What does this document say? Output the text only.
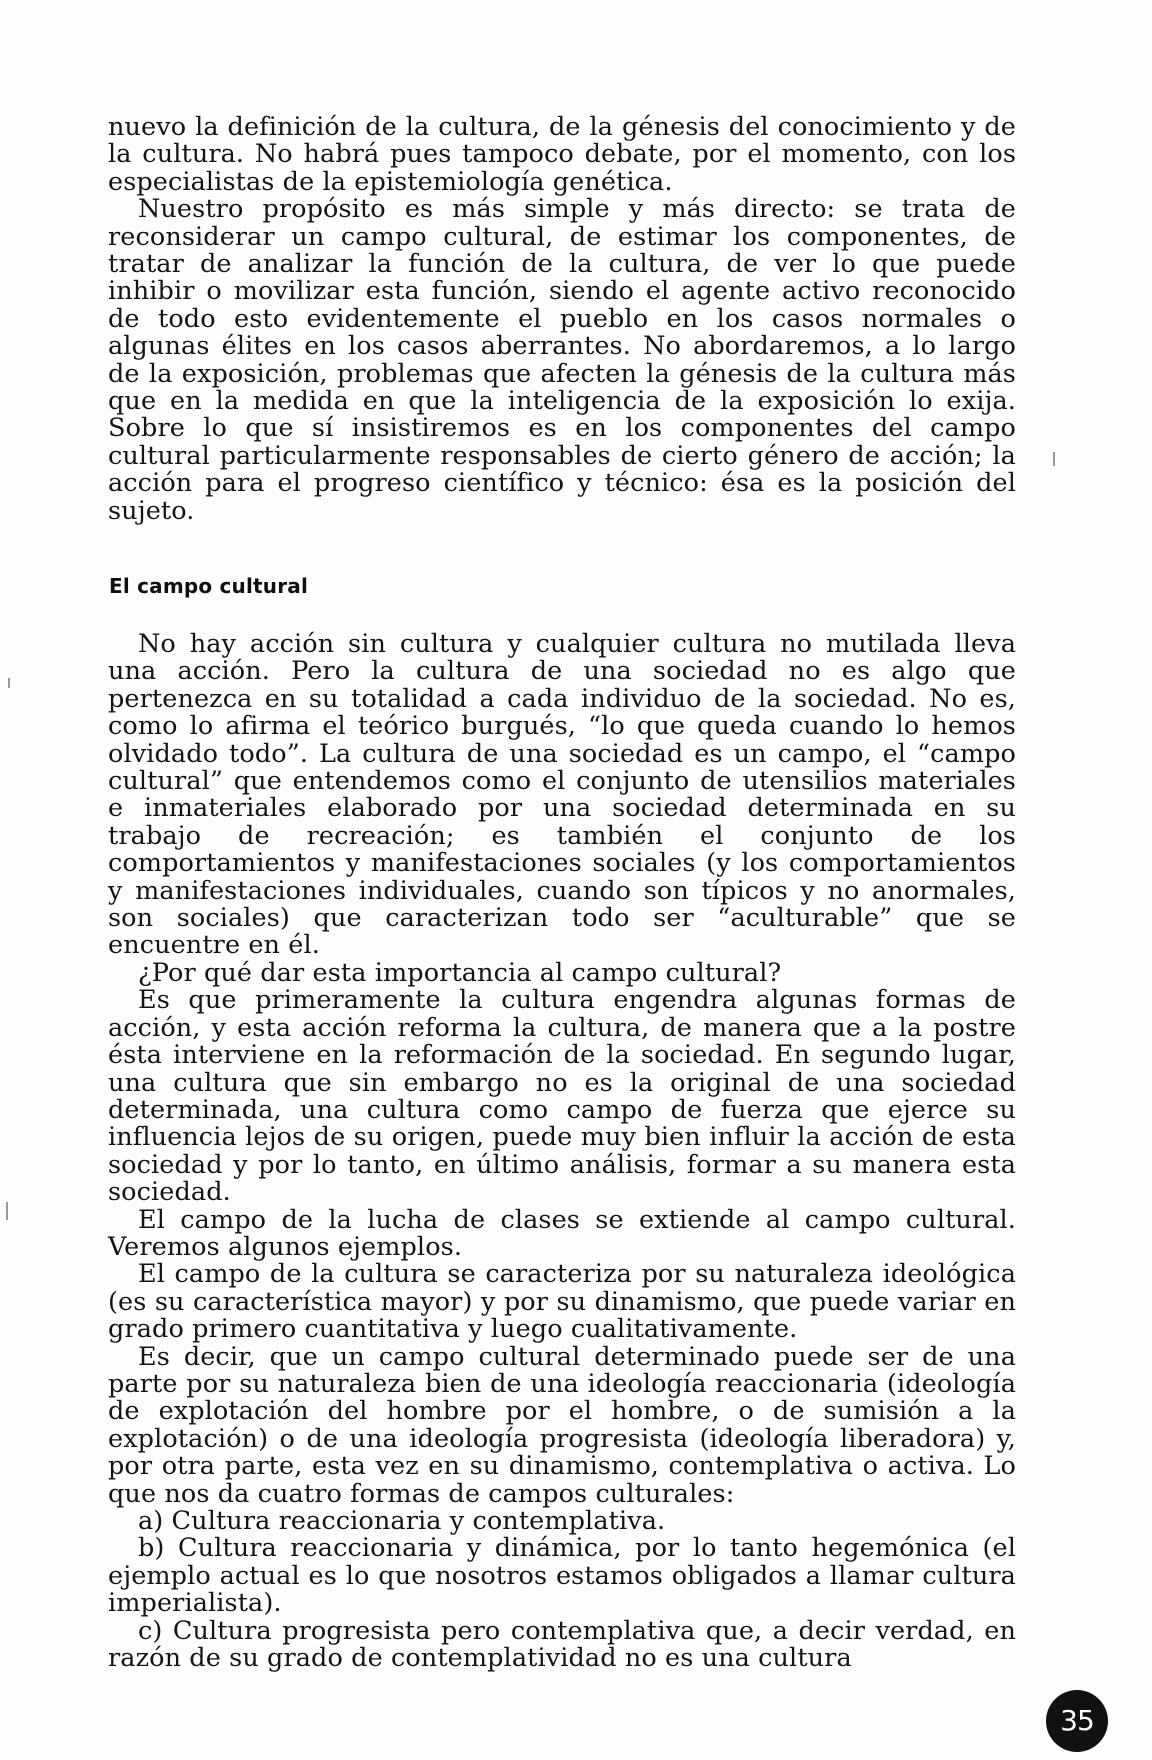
nuevo la definición de la cultura, de la génesis del conocimiento y de la cultura. No habrá pues tampoco debate, por el momento, con los especialistas de la epistemiología genética.

Nuestro propósito es más simple y más directo: se trata de reconsiderar un campo cultural, de estimar los componentes, de tratar de analizar la función de la cultura, de ver lo que puede inhibir o movilizar esta función, siendo el agente activo reconocido de todo esto evidentemente el pueblo en los casos normales o algunas élites en los casos aberrantes. No abordaremos, a lo largo de la exposición, problemas que afecten la génesis de la cultura más que en la medida en que la inteligencia de la exposición lo exija. Sobre lo que sí insistiremos es en los componentes del campo cultural particularmente responsables de cierto género de acción; la acción para el progreso científico y técnico: ésa es la posición del sujeto.

El campo cultural

No hay acción sin cultura y cualquier cultura no mutilada lleva una acción. Pero la cultura de una sociedad no es algo que pertenezca en su totalidad a cada individuo de la sociedad. No es, como lo afirma el teórico burgués, “lo que queda cuando lo hemos olvidado todo”. La cultura de una sociedad es un campo, el “campo cultural” que entendemos como el conjunto de utensilios materiales e inmateriales elaborado por una sociedad determinada en su trabajo de recreación; es también el conjunto de los comportamientos y manifestaciones sociales (y los comportamientos y manifestaciones individuales, cuando son típicos y no anormales, son sociales) que caracterizan todo ser “aculturable” que se encuentre en él.

¿Por qué dar esta importancia al campo cultural?

Es que primeramente la cultura engendra algunas formas de acción, y esta acción reforma la cultura, de manera que a la postre ésta interviene en la reformación de la sociedad. En segundo lugar, una cultura que sin embargo no es la original de una sociedad determinada, una cultura como campo de fuerza que ejerce su influencia lejos de su origen, puede muy bien influir la acción de esta sociedad y por lo tanto, en último análisis, formar a su manera esta sociedad.

El campo de la lucha de clases se extiende al campo cultural. Veremos algunos ejemplos.

El campo de la cultura se caracteriza por su naturaleza ideológica (es su característica mayor) y por su dinamismo, que puede variar en grado primero cuantitativa y luego cualitativamente.

Es decir, que un campo cultural determinado puede ser de una parte por su naturaleza bien de una ideología reaccionaria (ideología de explotación del hombre por el hombre, o de sumisión a la explotación) o de una ideología progresista (ideología liberadora) y, por otra parte, esta vez en su dinamismo, contemplativa o activa. Lo que nos da cuatro formas de campos culturales:

a) Cultura reaccionaria y contemplativa.

b) Cultura reaccionaria y dinámica, por lo tanto hegemónica (el ejemplo actual es lo que nosotros estamos obligados a llamar cultura imperialista).

c) Cultura progresista pero contemplativa que, a decir verdad, en razón de su grado de contemplatividad no es una cultura

35
